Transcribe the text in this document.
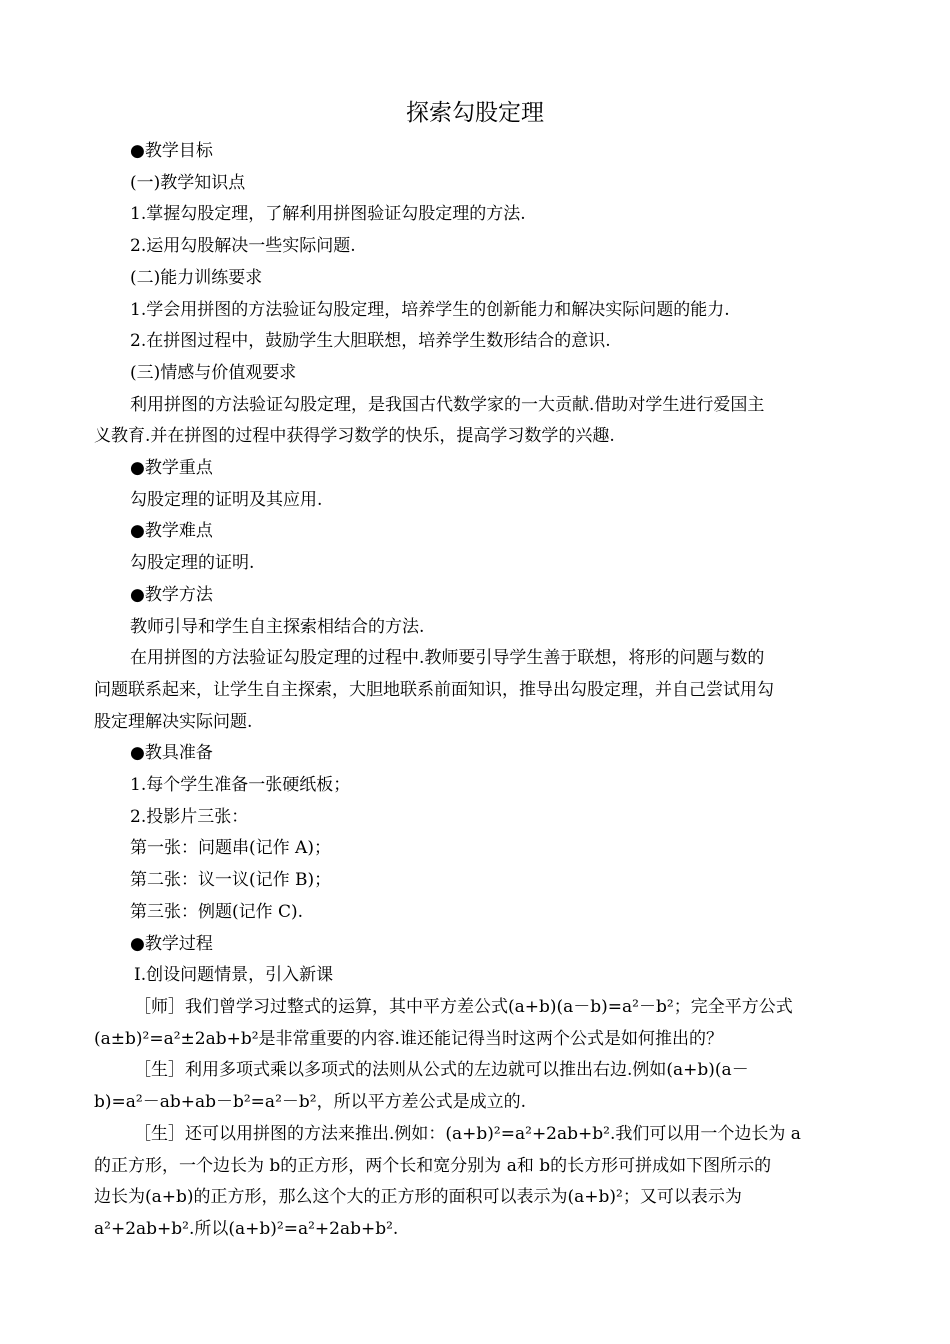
探索勾股定理
●教学目标
(一)教学知识点
1.掌握勾股定理，了解利用拼图验证勾股定理的方法.
2.运用勾股解决一些实际问题.
(二)能力训练要求
1.学会用拼图的方法验证勾股定理，培养学生的创新能力和解决实际问题的能力.
2.在拼图过程中，鼓励学生大胆联想，培养学生数形结合的意识.
(三)情感与价值观要求
利用拼图的方法验证勾股定理，是我国古代数学家的一大贡献.借助对学生进行爱国主
义教育.并在拼图的过程中获得学习数学的快乐，提高学习数学的兴趣.
●教学重点
勾股定理的证明及其应用.
●教学难点
勾股定理的证明.
●教学方法
教师引导和学生自主探索相结合的方法.
在用拼图的方法验证勾股定理的过程中.教师要引导学生善于联想，将形的问题与数的
问题联系起来，让学生自主探索，大胆地联系前面知识，推导出勾股定理，并自己尝试用勾
股定理解决实际问题.
●教具准备
1.每个学生准备一张硬纸板；
2.投影片三张：
第一张：问题串(记作 A)；
第二张：议一议(记作 B)；
第三张：例题(记作 C).
●教学过程
Ⅰ.创设问题情景，引入新课
［师］我们曾学习过整式的运算，其中平方差公式(a+b)(a－b)=a²－b²；完全平方公式
(a±b)²=a²±2ab+b²是非常重要的内容.谁还能记得当时这两个公式是如何推出的？
［生］利用多项式乘以多项式的法则从公式的左边就可以推出右边.例如(a+b)(a－
b)=a²－ab+ab－b²=a²－b²，所以平方差公式是成立的.
［生］还可以用拼图的方法来推出.例如：(a+b)²=a²+2ab+b².我们可以用一个边长为 a
的正方形，一个边长为 b的正方形，两个长和宽分别为 a和 b的长方形可拼成如下图所示的
边长为(a+b)的正方形，那么这个大的正方形的面积可以表示为(a+b)²；又可以表示为
a²+2ab+b².所以(a+b)²=a²+2ab+b².
